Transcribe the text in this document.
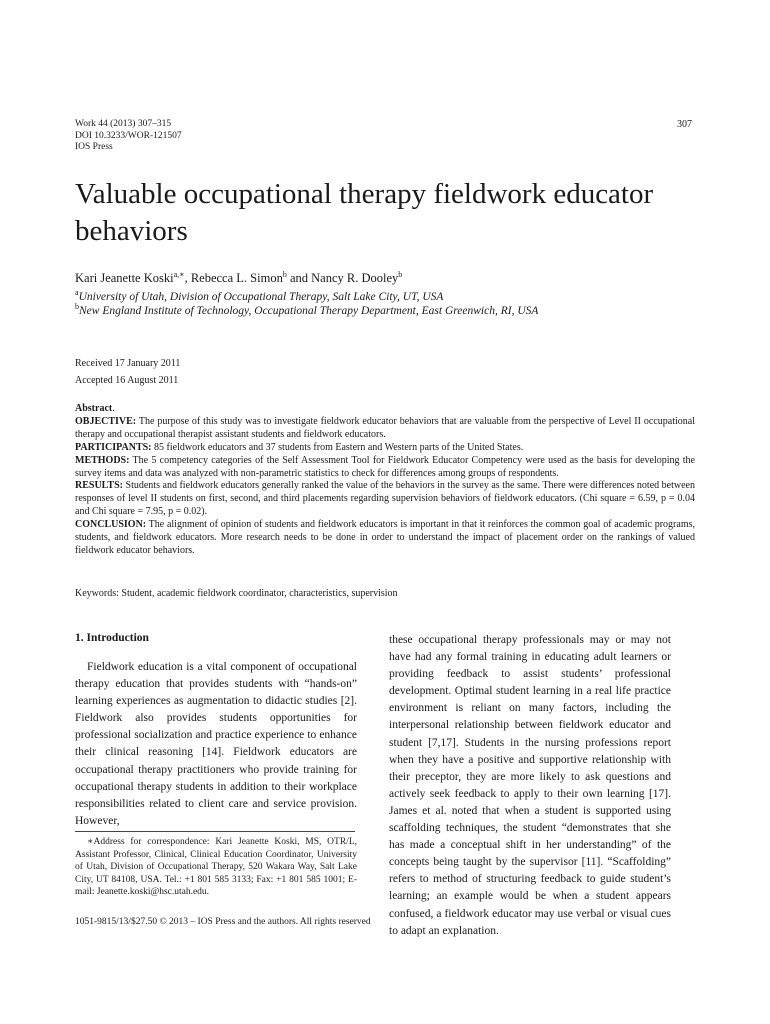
Work 44 (2013) 307–315
DOI 10.3233/WOR-121507
IOS Press
307
Valuable occupational therapy fieldwork educator behaviors
Kari Jeanette Koski$^{a,∗}$, Rebecca L. Simon$^b$ and Nancy R. Dooley$^b$
$^a$University of Utah, Division of Occupational Therapy, Salt Lake City, UT, USA
$^b$New England Institute of Technology, Occupational Therapy Department, East Greenwich, RI, USA
Received 17 January 2011
Accepted 16 August 2011

Abstract.

OBJECTIVE: The purpose of this study was to investigate fieldwork educator behaviors that are valuable from the perspective of Level II occupational therapy and occupational therapist assistant students and fieldwork educators.

PARTICIPANTS: 85 fieldwork educators and 37 students from Eastern and Western parts of the United States.

METHODS: The 5 competency categories of the Self Assessment Tool for Fieldwork Educator Competency were used as the basis for developing the survey items and data was analyzed with non-parametric statistics to check for differences among groups of respondents.

RESULTS: Students and fieldwork educators generally ranked the value of the behaviors in the survey as the same. There were differences noted between responses of level II students on first, second, and third placements regarding supervision behaviors of fieldwork educators. (Chi square = 6.59, p = 0.04 and Chi square = 7.95, p = 0.02).

CONCLUSION: The alignment of opinion of students and fieldwork educators is important in that it reinforces the common goal of academic programs, students, and fieldwork educators. More research needs to be done in order to understand the impact of placement order on the rankings of valued fieldwork educator behaviors.

Keywords: Student, academic fieldwork coordinator, characteristics, supervision
1. Introduction

Fieldwork education is a vital component of occupational therapy education that provides students with “hands-on” learning experiences as augmentation to didactic studies [2]. Fieldwork also provides students opportunities for professional socialization and practice experience to enhance their clinical reasoning [14]. Fieldwork educators are occupational therapy practitioners who provide training for occupational therapy students in addition to their workplace responsibilities related to client care and service provision. However,

these occupational therapy professionals may or may not have had any formal training in educating adult learners or providing feedback to assist students’ professional development. Optimal student learning in a real life practice environment is reliant on many factors, including the interpersonal relationship between fieldwork educator and student [7,17]. Students in the nursing professions report when they have a positive and supportive relationship with their preceptor, they are more likely to ask questions and actively seek feedback to apply to their own learning [17]. James et al. noted that when a student is supported using scaffolding techniques, the student “demonstrates that she has made a conceptual shift in her understanding” of the concepts being taught by the supervisor [11]. “Scaffolding” refers to method of structuring feedback to guide student’s learning; an example would be when a student appears confused, a fieldwork educator may use verbal or visual cues to adapt an explanation.

∗Address for correspondence: Kari Jeanette Koski, MS, OTR/L, Assistant Professor, Clinical, Clinical Education Coordinator, University of Utah, Division of Occupational Therapy, 520 Wakara Way, Salt Lake City, UT 84108, USA. Tel.: +1 801 585 3133; Fax: +1 801 585 1001; E-mail: Jeanette.koski@hsc.utah.edu.
1051-9815/13/$27.50 © 2013 – IOS Press and the authors. All rights reserved
